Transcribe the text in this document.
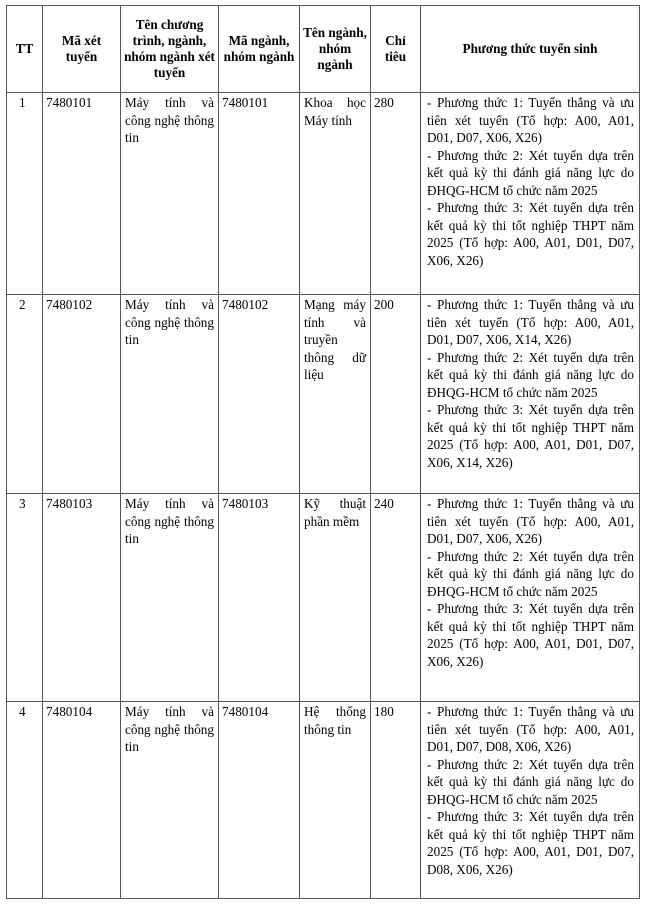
TT	Mã xét tuyển	Tên chương trình, ngành, nhóm ngành xét tuyển	Mã ngành, nhóm ngành	Tên ngành, nhóm ngành	Chỉ tiêu	Phương thức tuyển sinh
1	7480101	Máy tính và công nghệ thông tin	7480101	Khoa học Máy tính	280	- Phương thức 1: Tuyển thẳng và ưu tiên xét tuyển (Tổ hợp: A00, A01, D01, D07, X06, X26)
- Phương thức 2: Xét tuyển dựa trên kết quả kỳ thi đánh giá năng lực do ĐHQG-HCM tổ chức năm 2025
- Phương thức 3: Xét tuyển dựa trên kết quả kỳ thi tốt nghiệp THPT năm 2025 (Tổ hợp: A00, A01, D01, D07, X06, X26)

2	7480102	Máy tính và công nghệ thông tin	7480102	Mạng máy tính và truyền thông dữ liệu	200	- Phương thức 1: Tuyển thẳng và ưu tiên xét tuyển (Tổ hợp: A00, A01, D01, D07, X06, X14, X26)
- Phương thức 2: Xét tuyển dựa trên kết quả kỳ thi đánh giá năng lực do ĐHQG-HCM tổ chức năm 2025
- Phương thức 3: Xét tuyển dựa trên kết quả kỳ thi tốt nghiệp THPT năm 2025 (Tổ hợp: A00, A01, D01, D07, X06, X14, X26)

3	7480103	Máy tính và công nghệ thông tin	7480103	Kỹ thuật phần mềm	240	- Phương thức 1: Tuyển thẳng và ưu tiên xét tuyển (Tổ hợp: A00, A01, D01, D07, X06, X26)
- Phương thức 2: Xét tuyển dựa trên kết quả kỳ thi đánh giá năng lực do ĐHQG-HCM tổ chức năm 2025
- Phương thức 3: Xét tuyển dựa trên kết quả kỳ thi tốt nghiệp THPT năm 2025 (Tổ hợp: A00, A01, D01, D07, X06, X26)

4	7480104	Máy tính và công nghệ thông tin	7480104	Hệ thống thông tin	180	- Phương thức 1: Tuyển thẳng và ưu tiên xét tuyển (Tổ hợp: A00, A01, D01, D07, D08, X06, X26)
- Phương thức 2: Xét tuyển dựa trên kết quả kỳ thi đánh giá năng lực do ĐHQG-HCM tổ chức năm 2025
- Phương thức 3: Xét tuyển dựa trên kết quả kỳ thi tốt nghiệp THPT năm 2025 (Tổ hợp: A00, A01, D01, D07, D08, X06, X26)
